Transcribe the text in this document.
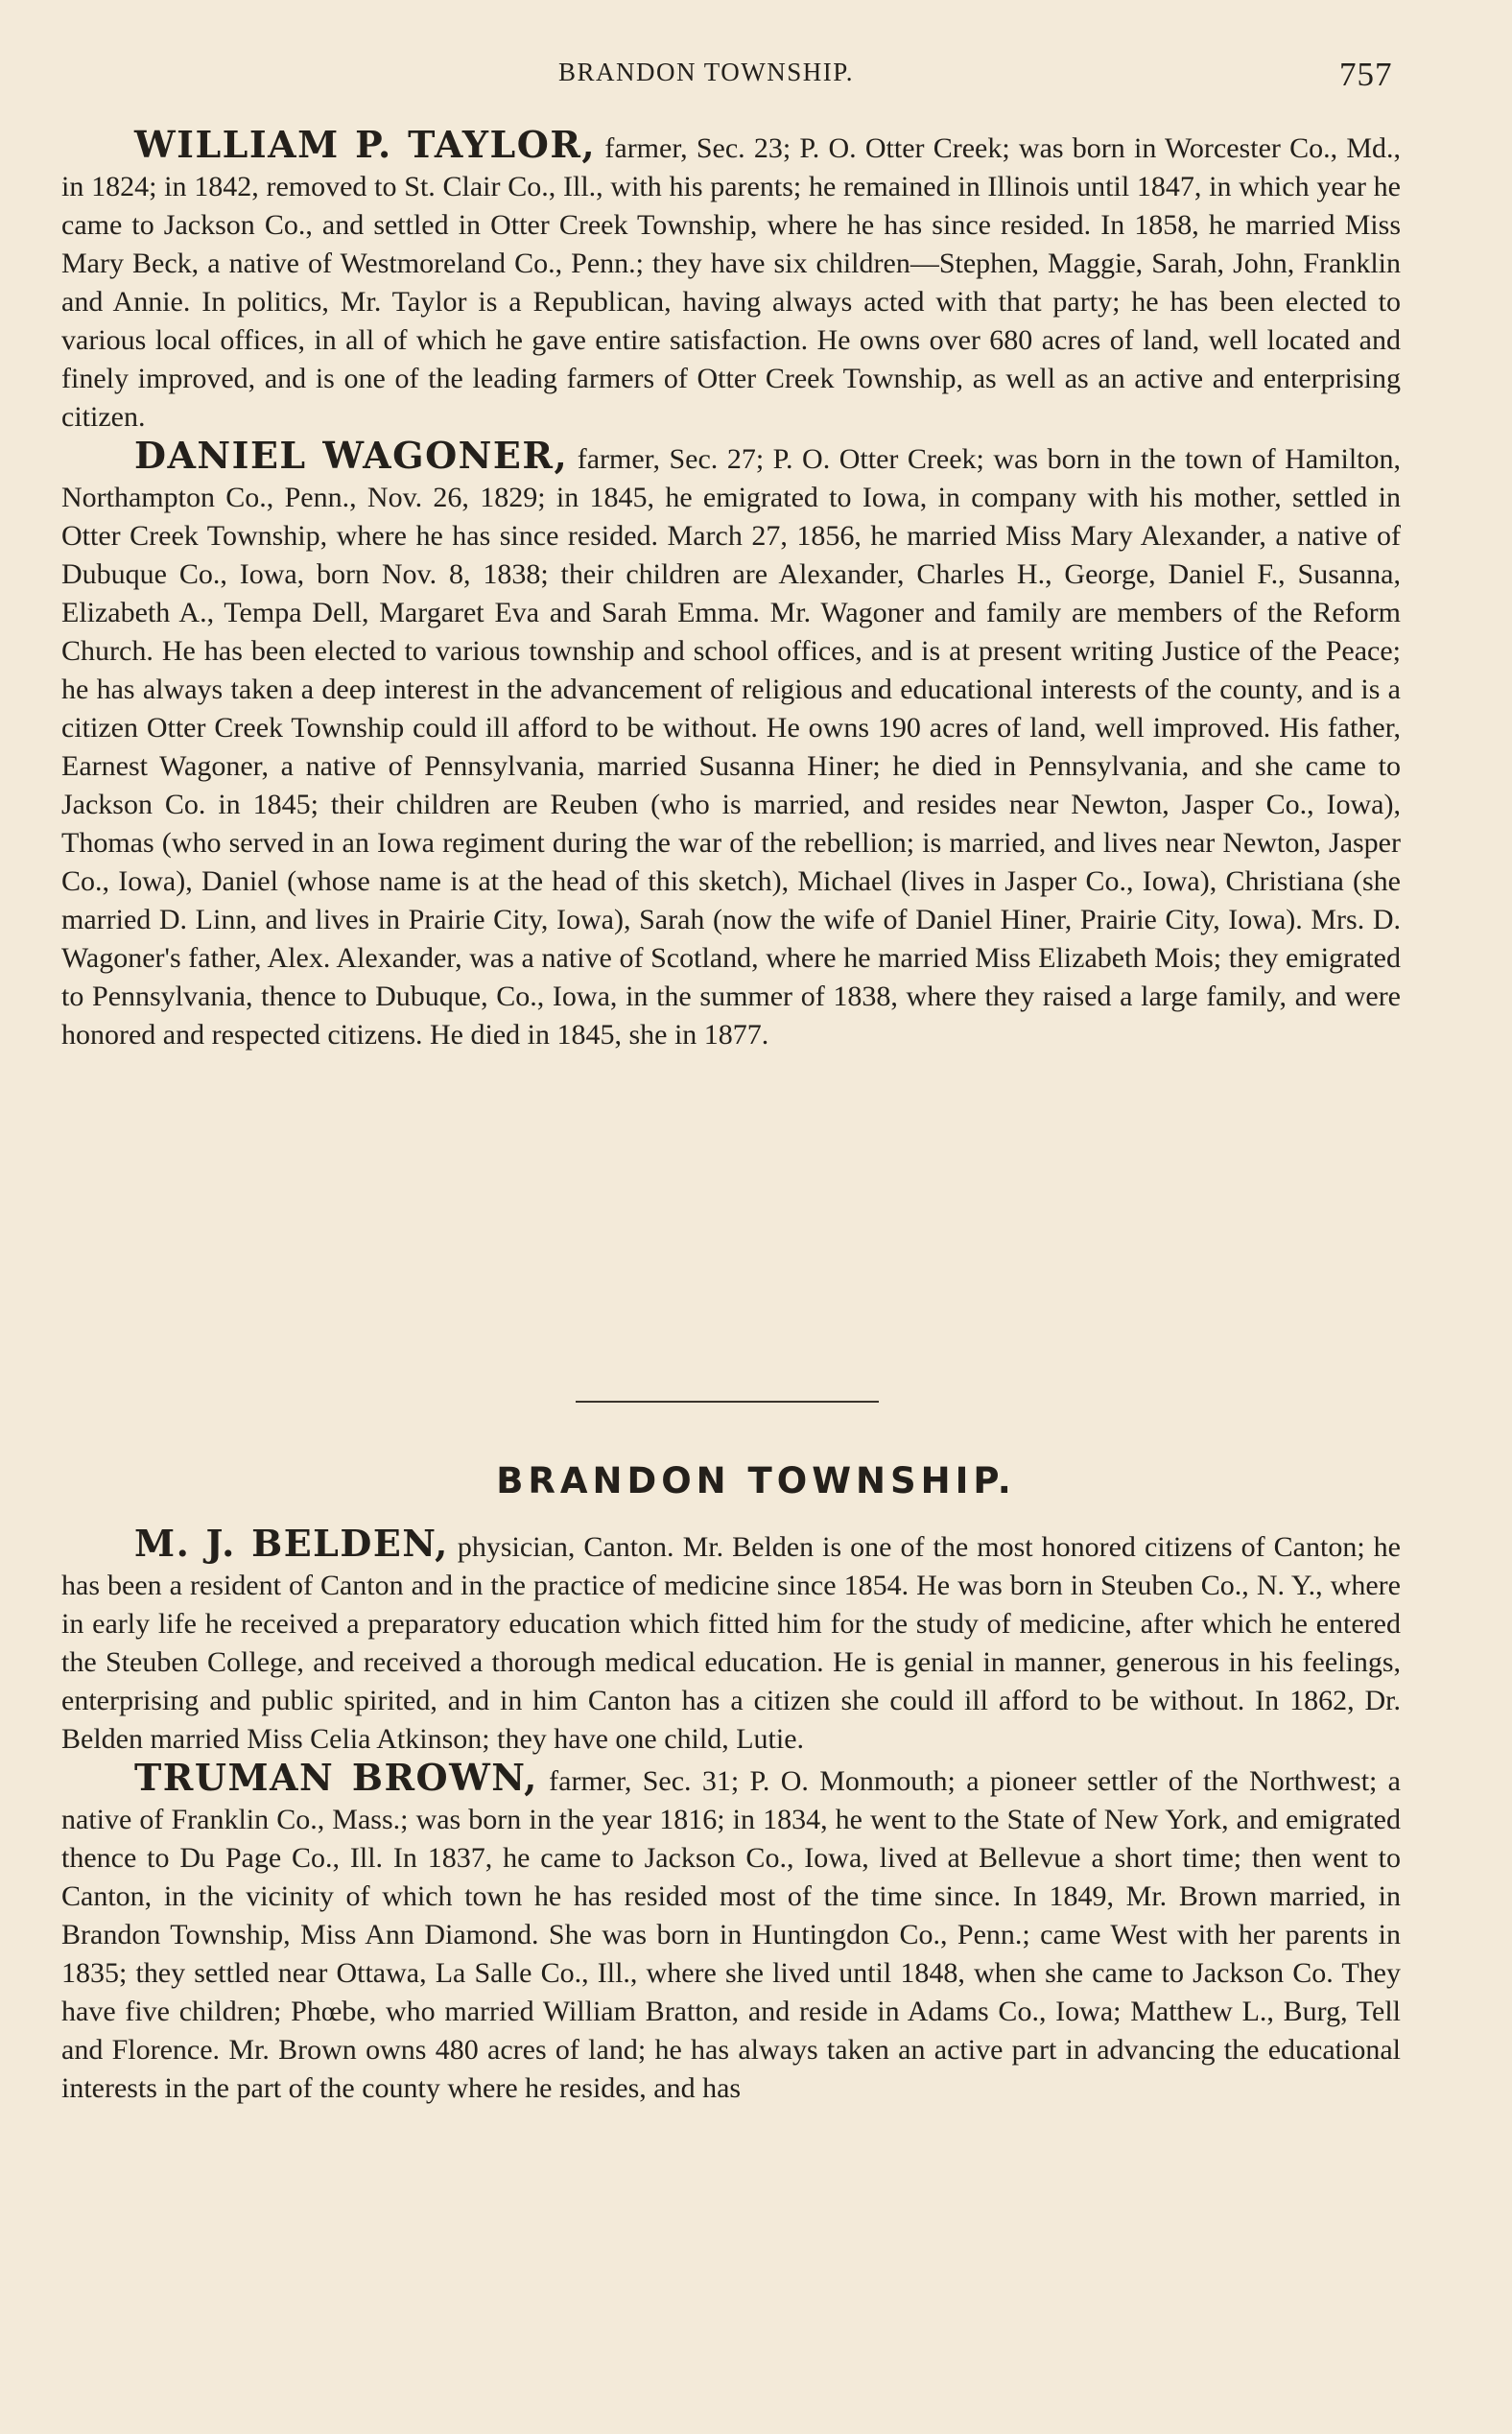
BRANDON TOWNSHIP.	757

WILLIAM P. TAYLOR, farmer, Sec. 23; P. O. Otter Creek; was born in Worcester Co., Md., in 1824; in 1842, removed to St. Clair Co., Ill., with his parents; he remained in Illinois until 1847, in which year he came to Jackson Co., and settled in Otter Creek Township, where he has since resided. In 1858, he married Miss Mary Beck, a native of Westmoreland Co., Penn.; they have six children—Stephen, Maggie, Sarah, John, Franklin and Annie. In politics, Mr. Taylor is a Republican, having always acted with that party; he has been elected to various local offices, in all of which he gave entire satisfaction. He owns over 680 acres of land, well located and finely improved, and is one of the leading farmers of Otter Creek Township, as well as an active and enterprising citizen.

DANIEL WAGONER, farmer, Sec. 27; P. O. Otter Creek; was born in the town of Hamilton, Northampton Co., Penn., Nov. 26, 1829; in 1845, he emigrated to Iowa, in company with his mother, settled in Otter Creek Township, where he has since resided. March 27, 1856, he married Miss Mary Alexander, a native of Dubuque Co., Iowa, born Nov. 8, 1838; their children are Alexander, Charles H., George, Daniel F., Susanna, Elizabeth A., Tempa Dell, Margaret Eva and Sarah Emma. Mr. Wagoner and family are members of the Reform Church. He has been elected to various township and school offices, and is at present writing Justice of the Peace; he has always taken a deep interest in the advancement of religious and educational interests of the county, and is a citizen Otter Creek Township could ill afford to be without. He owns 190 acres of land, well improved. His father, Earnest Wagoner, a native of Pennsylvania, married Susanna Hiner; he died in Pennsylvania, and she came to Jackson Co. in 1845; their children are Reuben (who is married, and resides near Newton, Jasper Co., Iowa), Thomas (who served in an Iowa regiment during the war of the rebellion; is married, and lives near Newton, Jasper Co., Iowa), Daniel (whose name is at the head of this sketch), Michael (lives in Jasper Co., Iowa), Christiana (she married D. Linn, and lives in Prairie City, Iowa), Sarah (now the wife of Daniel Hiner, Prairie City, Iowa). Mrs. D. Wagoner's father, Alex. Alexander, was a native of Scotland, where he married Miss Elizabeth Mois; they emigrated to Pennsylvania, thence to Dubuque, Co., Iowa, in the summer of 1838, where they raised a large family, and were honored and respected citizens. He died in 1845, she in 1877.

BRANDON TOWNSHIP.

M. J. BELDEN, physician, Canton. Mr. Belden is one of the most honored citizens of Canton; he has been a resident of Canton and in the practice of medicine since 1854. He was born in Steuben Co., N. Y., where in early life he received a preparatory education which fitted him for the study of medicine, after which he entered the Steuben College, and received a thorough medical education. He is genial in manner, generous in his feelings, enterprising and public spirited, and in him Canton has a citizen she could ill afford to be without. In 1862, Dr. Belden married Miss Celia Atkinson; they have one child, Lutie.

TRUMAN BROWN, farmer, Sec. 31; P. O. Monmouth; a pioneer settler of the Northwest; a native of Franklin Co., Mass.; was born in the year 1816; in 1834, he went to the State of New York, and emigrated thence to Du Page Co., Ill. In 1837, he came to Jackson Co., Iowa, lived at Bellevue a short time; then went to Canton, in the vicinity of which town he has resided most of the time since. In 1849, Mr. Brown married, in Brandon Township, Miss Ann Diamond. She was born in Huntingdon Co., Penn.; came West with her parents in 1835; they settled near Ottawa, La Salle Co., Ill., where she lived until 1848, when she came to Jackson Co. They have five children; Phœbe, who married William Bratton, and reside in Adams Co., Iowa; Matthew L., Burg, Tell and Florence. Mr. Brown owns 480 acres of land; he has always taken an active part in advancing the educational interests in the part of the county where he resides, and has
